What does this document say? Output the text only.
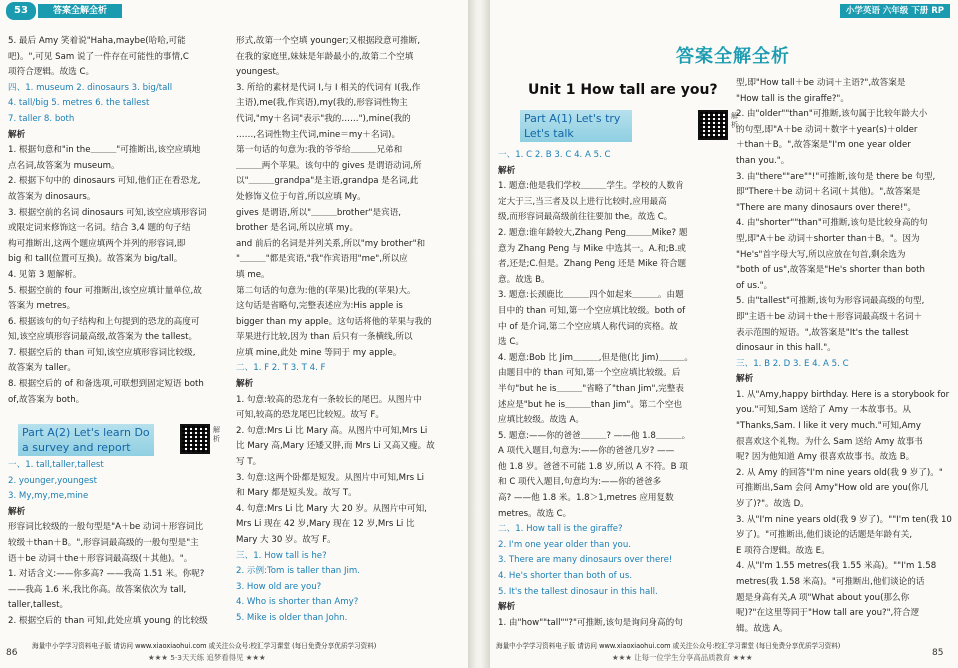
53	答案全解全析
5. 最后 Amy 笑着说"Haha,maybe(哈哈,可能
吧)。",可见 Sam 说了一件存在可能性的事情,C
项符合逻辑。故选 C。
四、1. museum 2. dinosaurs 3. big/tall
4. tall/big 5. metres 6. the tallest
7. taller 8. both
解析
1. 根据句意和"in the＿＿＿"可推断出,该空应填地
点名词,故答案为 museum。
2. 根据下句中的 dinosaurs 可知,他们正在看恐龙,
故答案为 dinosaurs。
3. 根据空前的名词 dinosaurs 可知,该空应填形容词
或限定词来修饰这一名词。结合 3,4 题的句子结
构可推断出,这两个题应填两个并列的形容词,即
big 和 tall(位置可互换)。故答案为 big/tall。
4. 见第 3 题解析。
5. 根据空前的 four 可推断出,该空应填计量单位,故
答案为 metres。
6. 根据该句的句子结构和上句提到的恐龙的高度可
知,该空应填形容词最高级,故答案为 the tallest。
7. 根据空后的 than 可知,该空应填形容词比较级,
故答案为 taller。
8. 根据空后的 of 和备选项,可联想到固定短语 both
of,故答案为 both。
Part A(2) Let's learn Do a survey and report
解析
一、1. tall,taller,tallest
2. younger,youngest
3. My,my,me,mine
解析
形容词比较级的一般句型是"A＋be 动词＋形容词比
较级＋than＋B。",形容词最高级的一般句型是"主
语＋be 动词＋the＋形容词最高级(＋其他)。"。
1. 对话含义:——你多高? ——我高 1.51 米。你呢?
——我高 1.6 米,我比你高。故答案依次为 tall,
taller,tallest。
2. 根据空后的 than 可知,此处应填 young 的比较级
形式,故第一个空填 younger;又根据段意可推断,
在我的家庭里,妹妹是年龄最小的,故第二个空填
youngest。
3. 所给的素材是代词 I,与 I 相关的代词有 I(我,作
主语),me(我,作宾语),my(我的,形容词性物主
代词,"my＋名词"表示"我的……"),mine(我的
……,名词性物主代词,mine＝my＋名词)。
第一句话的句意为:我的爷爷给＿＿＿兄弟和
＿＿＿两个苹果。该句中的 gives 是谓语动词,所
以"＿＿＿grandpa"是主语,grandpa 是名词,此
处修饰义位于句首,所以应填 My。
gives 是谓语,所以"＿＿＿brother"是宾语,
brother 是名词,所以应填 my。
and 前后的名词是并列关系,所以"my brother"和
"＿＿＿"都是宾语,"我"作宾语用"me",所以应
填 me。
第二句话的句意为:他的(苹果)比我的(苹果)大。
这句话是省略句,完整表述应为:His apple is
bigger than my apple。这句话将他的苹果与我的
苹果进行比较,因为 than 后只有一条横线,所以
应填 mine,此处 mine 等同于 my apple。
二、1. F 2. T 3. T 4. F
解析
1. 句意:较高的恐龙有一条较长的尾巴。从图片中
可知,较高的恐龙尾巴比较短。故写 F。
2. 句意:Mrs Li 比 Mary 高。从图片中可知,Mrs Li
比 Mary 高,Mary 还矮又胖,而 Mrs Li 又高又瘦。故
写 T。
3. 句意:这两个卧都是短发。从图片中可知,Mrs Li
和 Mary 都是短头发。故写 T。
4. 句意:Mrs Li 比 Mary 大 20 岁。从图片中可知,
Mrs Li 现在 42 岁,Mary 现在 12 岁,Mrs Li 比
Mary 大 30 岁。故写 F。
三、1. How tall is he?
2. 示例:Tom is taller than Jim.
3. How old are you?
4. Who is shorter than Amy?
5. Mike is older than John.
86
海量中小学学习资料电子版 请访问 www.xiaoxiaohui.com 或关注公众号:校汇学习课堂 (每日免费分享优质学习资料)
★★★ 5·3天天练 追梦看得见 ★★★
小学英语 六年级 下册 RP
答案全解全析
Unit 1 How tall are you?
Part A(1) Let's try Let's talk
解析
一、1. C 2. B 3. C 4. A 5. C
解析
1. 题意:他是我们学校＿＿＿学生。学校的人数肯
定大于三,当三者及以上进行比较时,应用最高
级,而形容词最高级前往往要加 the。故选 C。
2. 题意:谁年龄较大,Zhang Peng＿＿＿Mike? 题
意为 Zhang Peng 与 Mike 中选其一。A.和;B.或
者,还是;C.但是。Zhang Peng 还是 Mike 符合题
意。故选 B。
3. 题意:长颈鹿比＿＿＿四个如起来＿＿＿。由题
目中的 than 可知,第一个空应填比较级。both of
中 of 是介词,第二个空应填人称代词的宾格。故
选 C。
4. 题意:Bob 比 Jim＿＿＿,但是他(比 Jim)＿＿＿。
由题目中的 than 可知,第一个空应填比较级。后
半句"but he is＿＿＿"省略了"than Jim",完整表
述应是"but he is＿＿＿than Jim"。第二个空也
应填比较级。故选 A。
5. 题意:——你的爸爸＿＿＿? ——他 1.8＿＿＿。
A 项代入题目,句意为:——你的爸爸几岁? ——
他 1.8 岁。爸爸不可能 1.8 岁,所以 A 不符。B 项
和 C 项代入题目,句意均为:——你的爸爸多
高? ——他 1.8 米。1.8＞1,metres 应用复数
metres。故选 C。
二、1. How tall is the giraffe?
2. I'm one year older than you.
3. There are many dinosaurs over there!
4. He's shorter than both of us.
5. It's the tallest dinosaur in this hall.
解析
1. 由"how""tall""?"可推断,该句是询问身高的句
型,即"How tall＋be 动词＋主语?",故答案是
"How tall is the giraffe?"。
2. 由"older""than"可推断,该句属于比较年龄大小
的句型,即"A＋be 动词＋数字＋year(s)＋older
＋than＋B。",故答案是"I'm one year older
than you."。
3. 由"there""are""!"可推断,该句是 there be 句型,
即"There＋be 动词＋名词(＋其他)。",故答案是
"There are many dinosaurs over there!"。
4. 由"shorter""than"可推断,该句是比较身高的句
型,即"A＋be 动词＋shorter than＋B。"。因为
"He's"首字母大写,所以应放在句首,剩余选为
"both of us",故答案是"He's shorter than both
of us."。
5. 由"tallest"可推断,该句为形容词最高级的句型,
即"主语＋be 动词＋the＋形容词最高级＋名词＋
表示范围的短语。",故答案是"It's the tallest
dinosaur in this hall."。
三、1. B 2. D 3. E 4. A 5. C
解析
1. 从"Amy,happy birthday. Here is a storybook for
you."可知,Sam 送给了 Amy 一本故事书。从
"Thanks,Sam. I like it very much."可知,Amy
很喜欢这个礼物。为什么 Sam 送给 Amy 故事书
呢? 因为他知道 Amy 很喜欢故事书。故选 B。
2. 从 Amy 的回答"I'm nine years old(我 9 岁了)。"
可推断出,Sam 会问 Amy"How old are you(你几
岁了)?"。故选 D。
3. 从"I'm nine years old(我 9 岁了)。""I'm ten(我 10
岁了)。"可推断出,他们谈论的话题是年龄有关,
E 项符合逻辑。故选 E。
4. 从"I'm 1.55 metres(我 1.55 米高)。""I'm 1.58
metres(我 1.58 米高)。"可推断出,他们谈论的话
题是身高有关,A 项"What about you(那么你
呢)?"在这里等同于"How tall are you?",符合逻
辑。故选 A。
海量中小学学习资料电子版 请访问 www.xiaoxiaohui.com 或关注公众号:校汇学习课堂 (每日免费分享优质学习资料)
★★★ 让每一位学生分享高品质教育 ★★★	85
